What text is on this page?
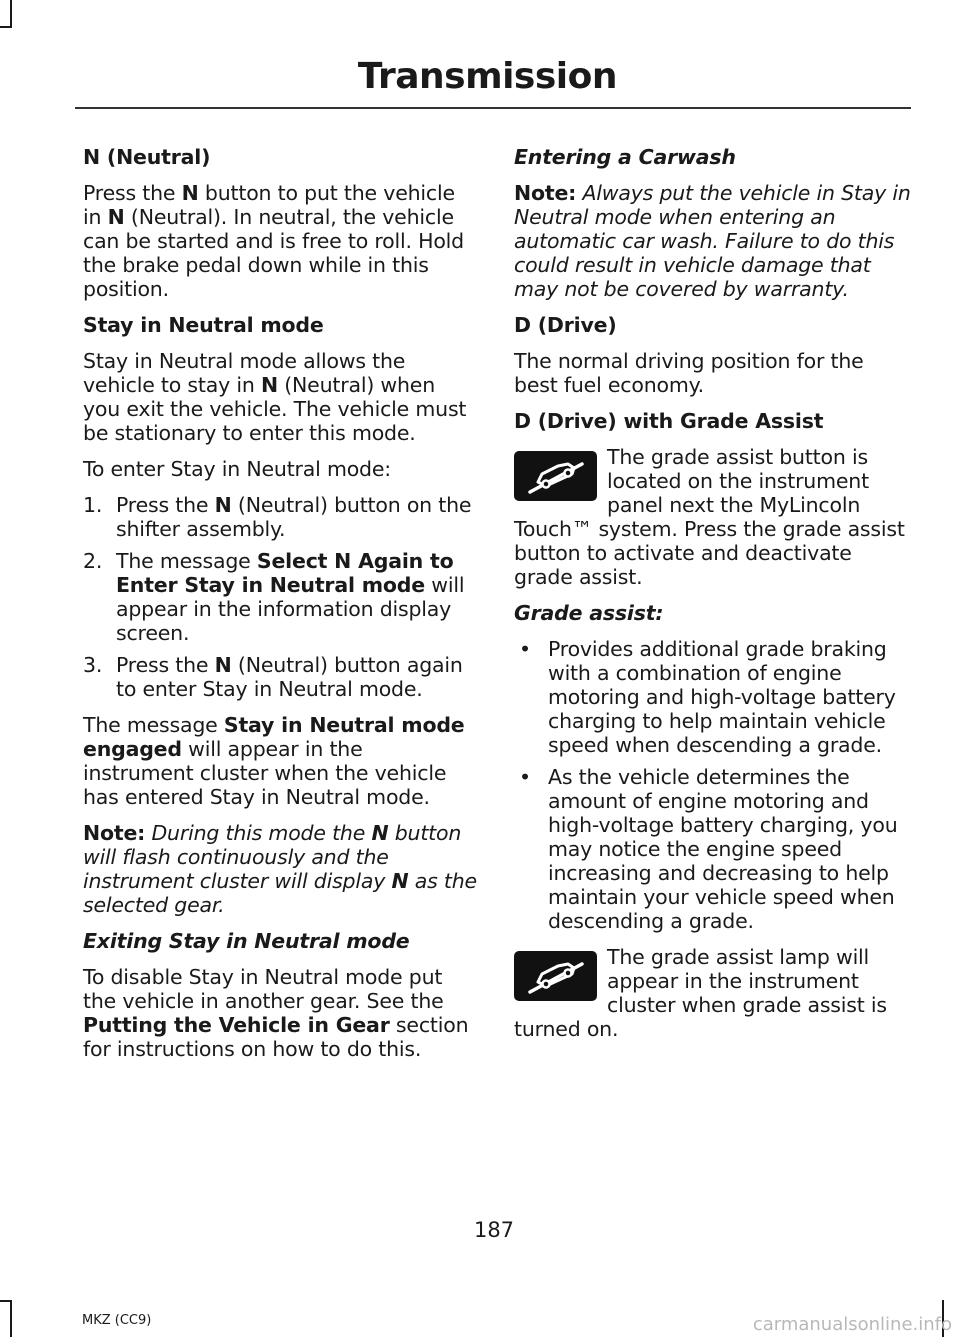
Transmission

N (Neutral)

Press the N button to put the vehicle in N (Neutral). In neutral, the vehicle can be started and is free to roll. Hold the brake pedal down while in this position.

Stay in Neutral mode

Stay in Neutral mode allows the vehicle to stay in N (Neutral) when you exit the vehicle. The vehicle must be stationary to enter this mode.

To enter Stay in Neutral mode:

1. Press the N (Neutral) button on the shifter assembly.
2. The message Select N Again to Enter Stay in Neutral mode will appear in the information display screen.
3. Press the N (Neutral) button again to enter Stay in Neutral mode.

The message Stay in Neutral mode engaged will appear in the instrument cluster when the vehicle has entered Stay in Neutral mode.

Note: During this mode the N button will flash continuously and the instrument cluster will display N as the selected gear.

Exiting Stay in Neutral mode

To disable Stay in Neutral mode put the vehicle in another gear. See the Putting the Vehicle in Gear section for instructions on how to do this.

Entering a Carwash

Note: Always put the vehicle in Stay in Neutral mode when entering an automatic car wash. Failure to do this could result in vehicle damage that may not be covered by warranty.

D (Drive)

The normal driving position for the best fuel economy.

D (Drive) with Grade Assist

The grade assist button is located on the instrument panel next the MyLincoln Touch™ system. Press the grade assist button to activate and deactivate grade assist.

Grade assist:

• Provides additional grade braking with a combination of engine motoring and high-voltage battery charging to help maintain vehicle speed when descending a grade.
• As the vehicle determines the amount of engine motoring and high-voltage battery charging, you may notice the engine speed increasing and decreasing to help maintain your vehicle speed when descending a grade.

The grade assist lamp will appear in the instrument cluster when grade assist is turned on.

187
MKZ (CC9)	carmanualsonline.info
